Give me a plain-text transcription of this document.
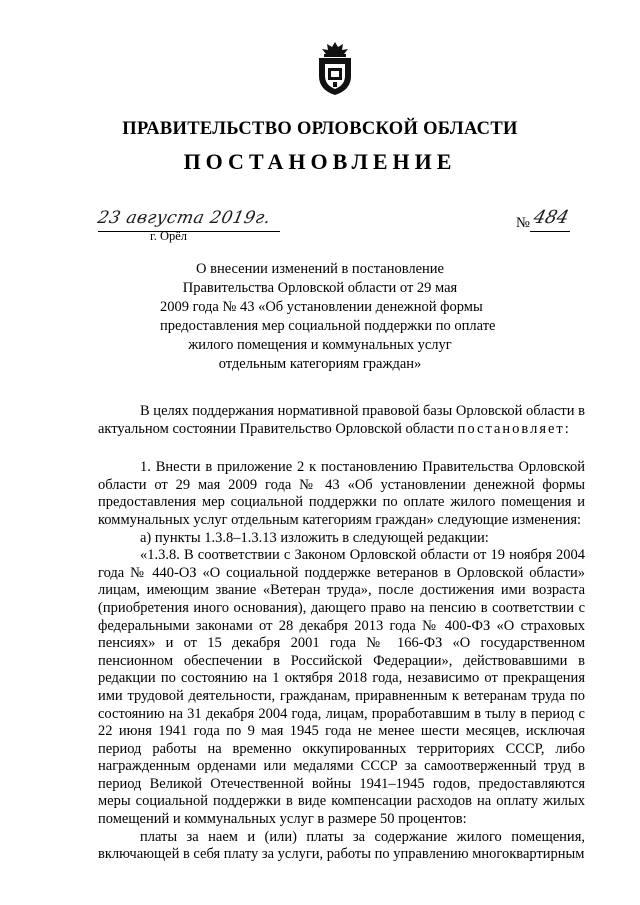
ПРАВИТЕЛЬСТВО ОРЛОВСКОЙ ОБЛАСТИ
ПОСТАНОВЛЕНИЕ
23 августа 2019г.
г. Орёл
№ 484
О внесении изменений в постановление
Правительства Орловской области от 29 мая
2009 года № 43 «Об установлении денежной формы
предоставления мер социальной поддержки по оплате
жилого помещения и коммунальных услуг
отдельным категориям граждан»

В целях поддержания нормативной правовой базы Орловской области в актуальном состоянии Правительство Орловской области постановляет:

1. Внести в приложение 2 к постановлению Правительства Орловской области от 29 мая 2009 года № 43 «Об установлении денежной формы предоставления мер социальной поддержки по оплате жилого помещения и коммунальных услуг отдельным категориям граждан» следующие изменения:

а) пункты 1.3.8–1.3.13 изложить в следующей редакции:

«1.3.8. В соответствии с Законом Орловской области от 19 ноября 2004 года № 440-ОЗ «О социальной поддержке ветеранов в Орловской области» лицам, имеющим звание «Ветеран труда», после достижения ими возраста (приобретения иного основания), дающего право на пенсию в соответствии с федеральными законами от 28 декабря 2013 года № 400-ФЗ «О страховых пенсиях» и от 15 декабря 2001 года № 166-ФЗ «О государственном пенсионном обеспечении в Российской Федерации», действовавшими в редакции по состоянию на 1 октября 2018 года, независимо от прекращения ими трудовой деятельности, гражданам, приравненным к ветеранам труда по состоянию на 31 декабря 2004 года, лицам, проработавшим в тылу в период с 22 июня 1941 года по 9 мая 1945 года не менее шести месяцев, исключая период работы на временно оккупированных территориях СССР, либо награжденным орденами или медалями СССР за самоотверженный труд в период Великой Отечественной войны 1941–1945 годов, предоставляются меры социальной поддержки в виде компенсации расходов на оплату жилых помещений и коммунальных услуг в размере 50 процентов:

платы за наем и (или) платы за содержание жилого помещения, включающей в себя плату за услуги, работы по управлению многоквартирным
